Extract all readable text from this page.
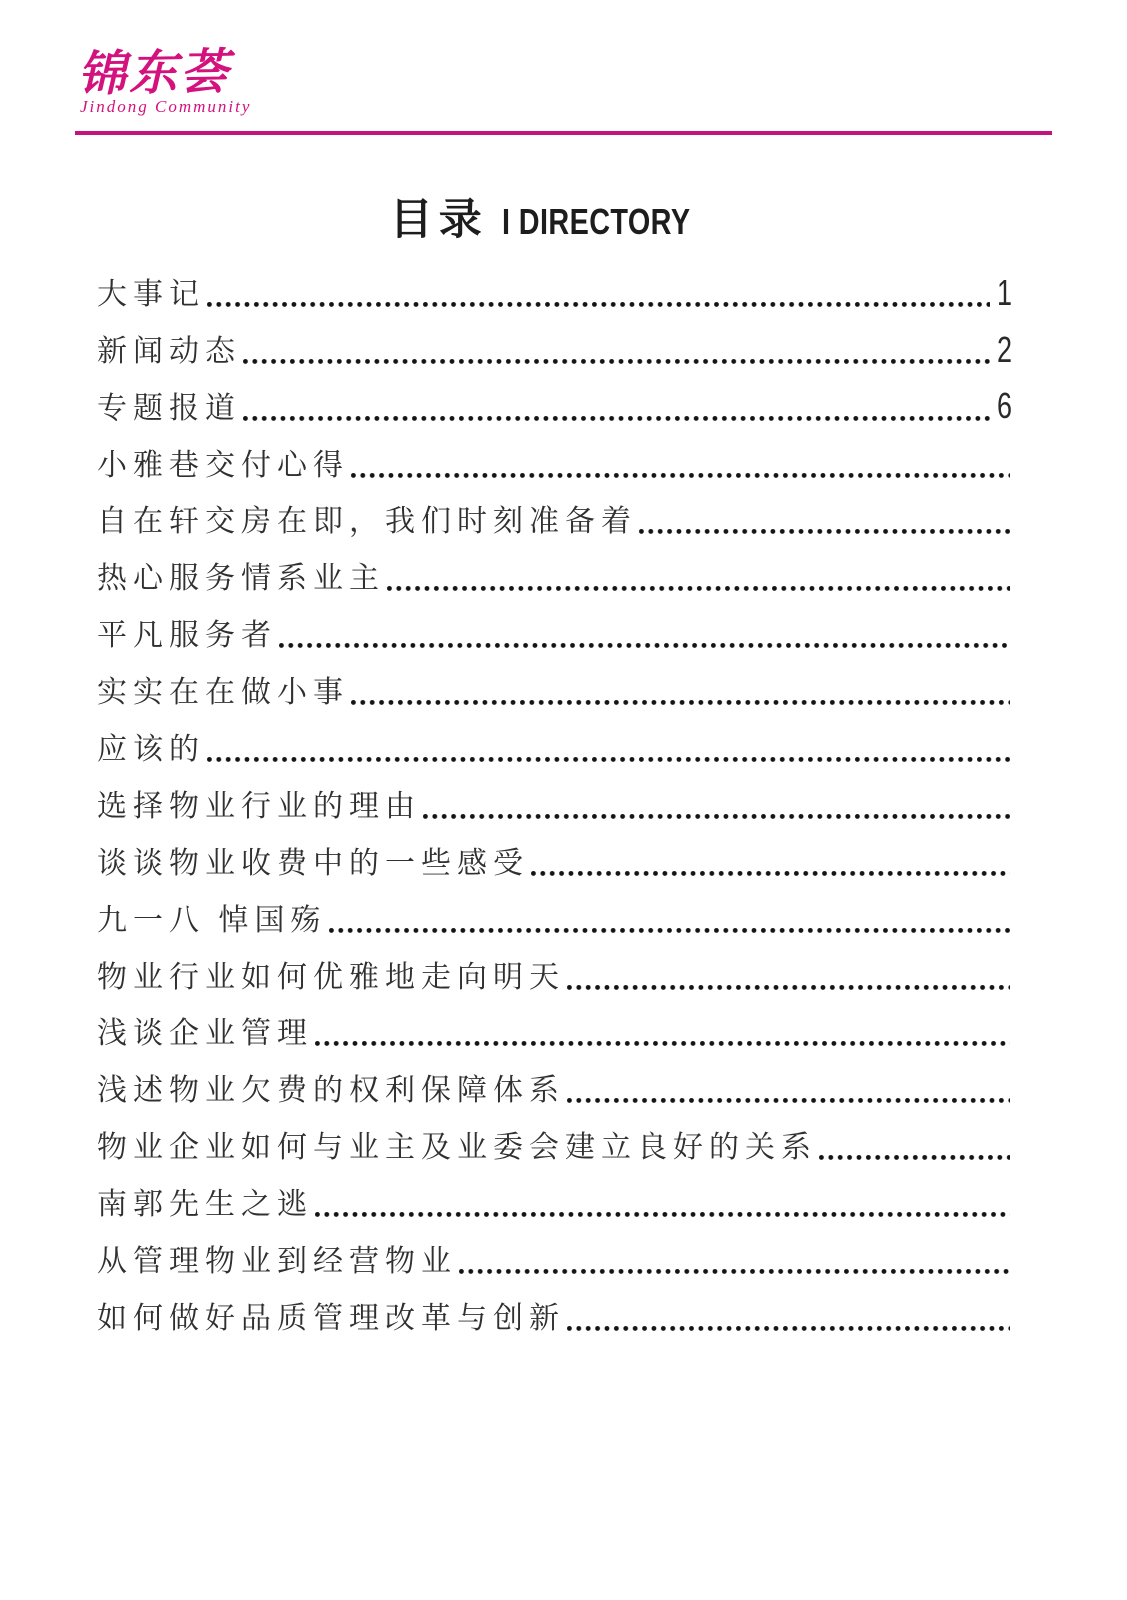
锦东荟
Jindong Community
目录 I DIRECTORY
大事记	1
新闻动态	2
专题报道	6
小雅巷交付心得
自在轩交房在即，我们时刻准备着
热心服务情系业主
平凡服务者
实实在在做小事
应该的
选择物业行业的理由
谈谈物业收费中的一些感受
九一八 悼国殇
物业行业如何优雅地走向明天
浅谈企业管理
浅述物业欠费的权利保障体系
物业企业如何与业主及业委会建立良好的关系
南郭先生之逃
从管理物业到经营物业
如何做好品质管理改革与创新
